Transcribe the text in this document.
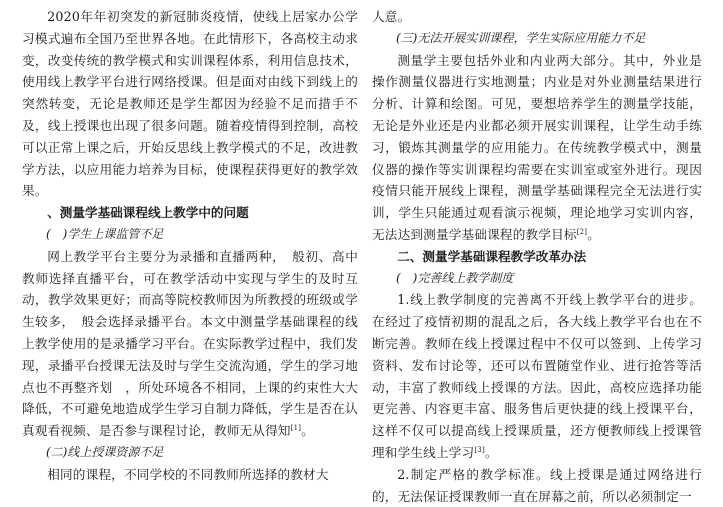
2020年年初突发的新冠肺炎疫情，使线上居家办公学习模式遍布全国乃至世界各地。在此情形下，各高校主动求变，改变传统的教学模式和实训课程体系，利用信息技术，使用线上教学平台进行网络授课。但是面对由线下到线上的突然转变，无论是教师还是学生都因为经验不足而措手不及，线上授课也出现了很多问题。随着疫情得到控制，高校可以正常上课之后，开始反思线上教学模式的不足，改进教学方法，以应用能力培养为目标，使课程获得更好的教学效果。

、测量学基础课程线上教学中的问题

(　)学生上课监管不足

网上教学平台主要分为录播和直播两种，　般初、高中教师选择直播平台，可在教学活动中实现与学生的及时互动，教学效果更好；而高等院校教师因为所教授的班级或学生较多，　般会选择录播平台。本文中测量学基础课程的线上教学使用的是录播学习平台。在实际教学过程中，我们发现，录播平台授课无法及时与学生交流沟通，学生的学习地点也不再整齐划　，所处环境各不相同，上课的约束性大大降低，不可避免地造成学生学习自制力降低，学生是否在认真观看视频、是否参与课程讨论，教师无从得知[1]。

(二)线上授课资源不足

相同的课程，不同学校的不同教师所选择的教材大

人意。

(三)无法开展实训课程，学生实际应用能力不足

测量学主要包括外业和内业两大部分。其中，外业是操作测量仪器进行实地测量；内业是对外业测量结果进行分析、计算和绘图。可见，要想培养学生的测量学技能，无论是外业还是内业都必须开展实训课程，让学生动手练习，锻炼其测量学的应用能力。在传统教学模式中，测量仪器的操作等实训课程均需要在实训室或室外进行。现因疫情只能开展线上课程，测量学基础课程完全无法进行实训，学生只能通过观看演示视频，理论地学习实训内容，无法达到测量学基础课程的教学目标[2]。

二、测量学基础课程教学改革办法

(　)完善线上教学制度

1.线上教学制度的完善离不开线上教学平台的进步。在经过了疫情初期的混乱之后，各大线上教学平台也在不断完善。教师在线上授课过程中不仅可以签到、上传学习资料、发布讨论等，还可以布置随堂作业、进行抢答等活动，丰富了教师线上授课的方法。因此，高校应选择功能更完善、内容更丰富、服务售后更快捷的线上授课平台，这样不仅可以提高线上授课质量，还方便教师线上授课管理和学生线上学习[3]。

2.制定严格的教学标准。线上授课是通过网络进行的，无法保证授课教师一直在屏幕之前，所以必须制定一
